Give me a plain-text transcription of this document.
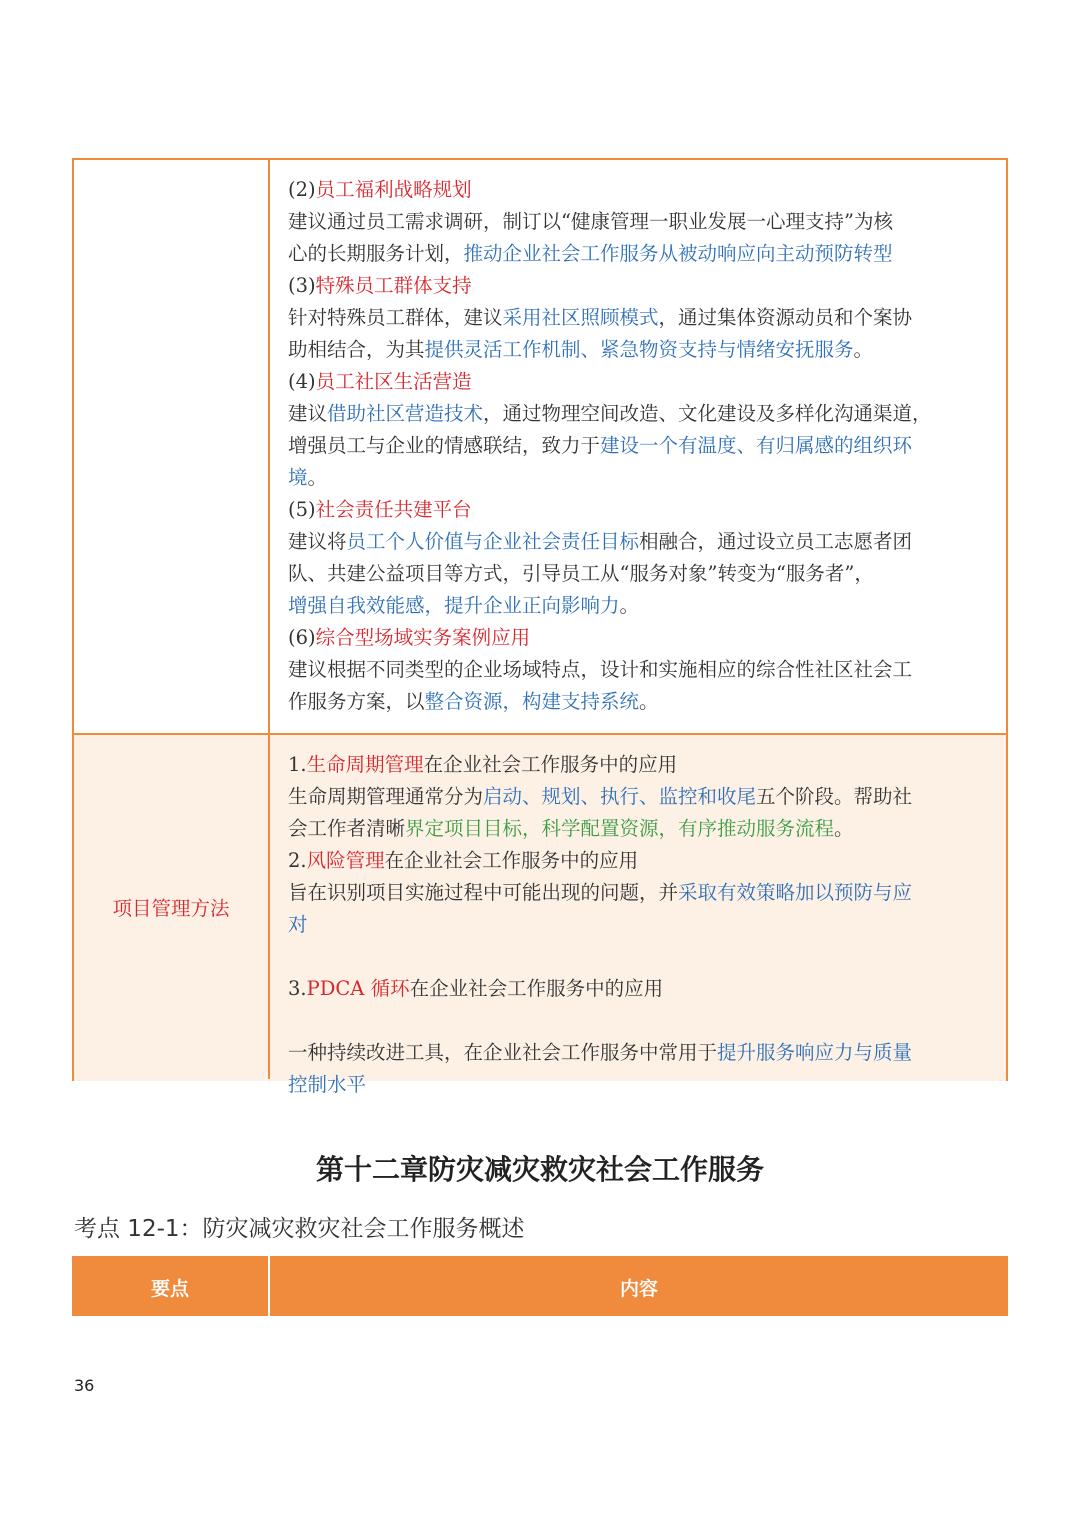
(2)员工福利战略规划
建议通过员工需求调研，制订以“健康管理一职业发展一心理支持”为核
心的长期服务计划，推动企业社会工作服务从被动响应向主动预防转型
(3)特殊员工群体支持
针对特殊员工群体，建议采用社区照顾模式，通过集体资源动员和个案协
助相结合，为其提供灵活工作机制、紧急物资支持与情绪安抚服务。
(4)员工社区生活营造
建议借助社区营造技术，通过物理空间改造、文化建设及多样化沟通渠道，
增强员工与企业的情感联结，致力于建设一个有温度、有归属感的组织环
境。
(5)社会责任共建平台
建议将员工个人价值与企业社会责任目标相融合，通过设立员工志愿者团
队、共建公益项目等方式，引导员工从“服务对象”转变为“服务者”，
增强自我效能感，提升企业正向影响力。
(6)综合型场域实务案例应用
建议根据不同类型的企业场域特点，设计和实施相应的综合性社区社会工
作服务方案，以整合资源，构建支持系统。
项目管理方法
1.生命周期管理在企业社会工作服务中的应用
生命周期管理通常分为启动、规划、执行、监控和收尾五个阶段。帮助社
会工作者清晰界定项目目标，科学配置资源，有序推动服务流程。
2.风险管理在企业社会工作服务中的应用
旨在识别项目实施过程中可能出现的问题，并采取有效策略加以预防与应
对
3.PDCA 循环在企业社会工作服务中的应用
一种持续改进工具，在企业社会工作服务中常用于提升服务响应力与质量
控制水平
第十二章防灾减灾救灾社会工作服务
考点 12-1：防灾减灾救灾社会工作服务概述
要点	内容
36
